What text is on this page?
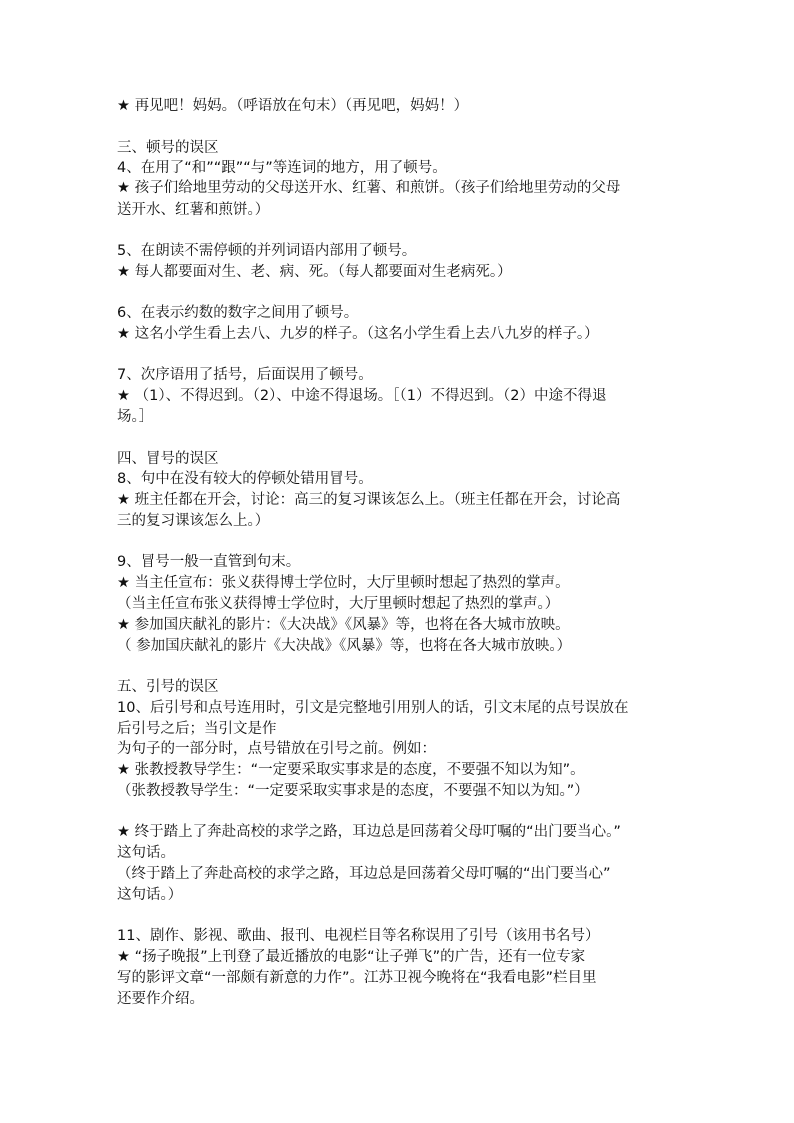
★ 再见吧！妈妈。（呼语放在句末）（再见吧，妈妈！）
三、顿号的误区
4、在用了“和”“跟”“与”等连词的地方，用了顿号。
★ 孩子们给地里劳动的父母送开水、红薯、和煎饼。（孩子们给地里劳动的父母
送开水、红薯和煎饼。）
5、在朗读不需停顿的并列词语内部用了顿号。
★ 每人都要面对生、老、病、死。（每人都要面对生老病死。）
6、在表示约数的数字之间用了顿号。
★ 这名小学生看上去八、九岁的样子。（这名小学生看上去八九岁的样子。）
7、次序语用了括号，后面误用了顿号。
★ （1）、不得迟到。（2）、中途不得退场。［（1）不得迟到。（2）中途不得退
场。］
四、冒号的误区
8、句中在没有较大的停顿处错用冒号。
★ 班主任都在开会，讨论：高三的复习课该怎么上。（班主任都在开会，讨论高
三的复习课该怎么上。）
9、冒号一般一直管到句末。
★ 当主任宣布：张义获得博士学位时，大厅里顿时想起了热烈的掌声。
（当主任宣布张义获得博士学位时，大厅里顿时想起了热烈的掌声。）
★ 参加国庆献礼的影片：《大决战》《风暴》等，也将在各大城市放映。
（ 参加国庆献礼的影片《大决战》《风暴》等，也将在各大城市放映。）
五、引号的误区
10、后引号和点号连用时，引文是完整地引用别人的话，引文末尾的点号误放在
后引号之后；当引文是作
为句子的一部分时，点号错放在引号之前。例如：
★ 张教授教导学生：“一定要采取实事求是的态度，不要强不知以为知”。
（张教授教导学生：“一定要采取实事求是的态度，不要强不知以为知。”）
★ 终于踏上了奔赴高校的求学之路，耳边总是回荡着父母叮嘱的“出门要当心。”
这句话。
（终于踏上了奔赴高校的求学之路，耳边总是回荡着父母叮嘱的“出门要当心”
这句话。）
11、剧作、影视、歌曲、报刊、电视栏目等名称误用了引号（该用书名号）
★ “扬子晚报”上刊登了最近播放的电影“让子弹飞”的广告，还有一位专家
写的影评文章“一部颇有新意的力作”。江苏卫视今晚将在“我看电影”栏目里
还要作介绍。
